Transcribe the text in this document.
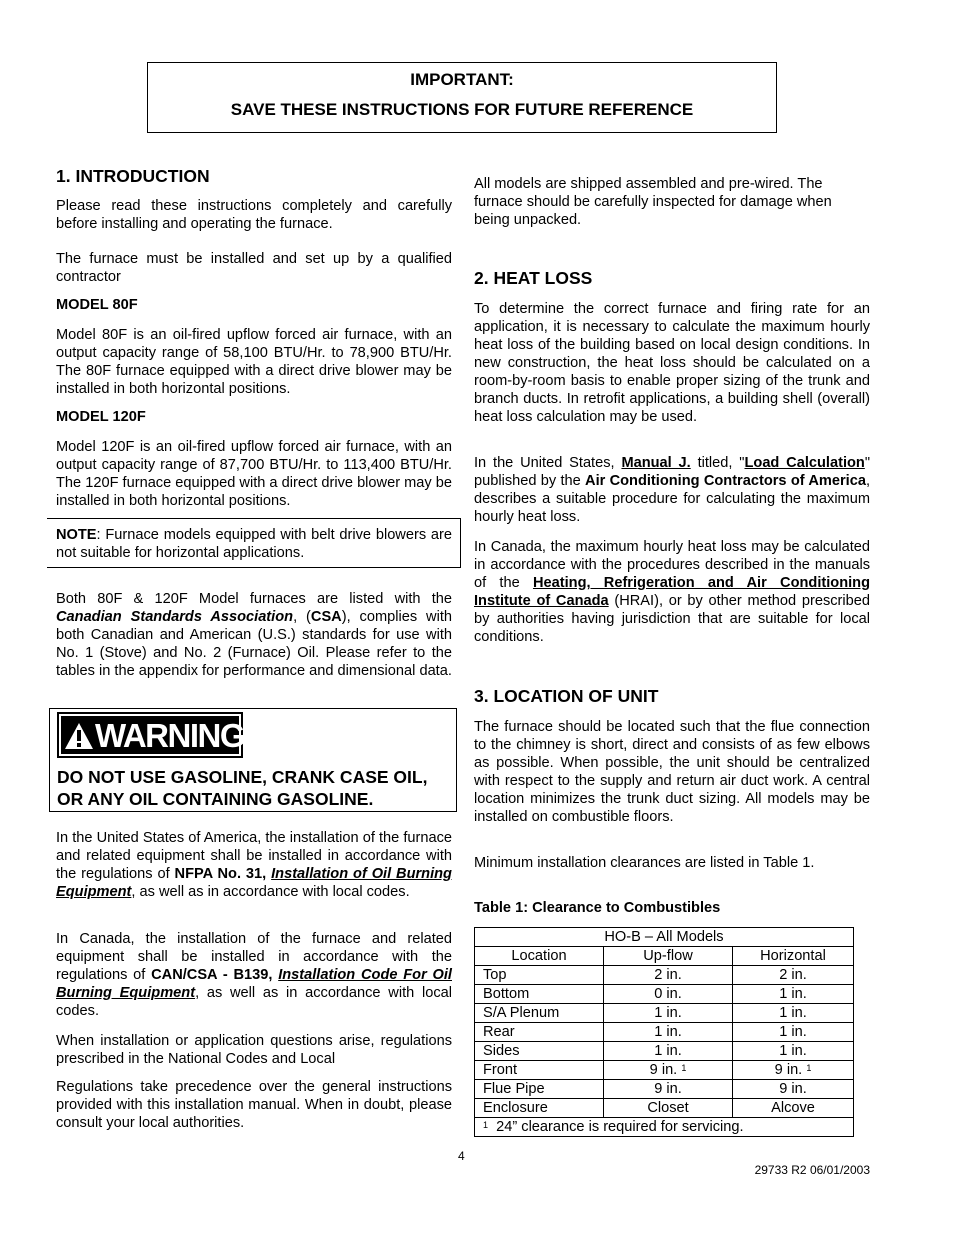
IMPORTANT:
SAVE THESE INSTRUCTIONS FOR FUTURE REFERENCE
1. INTRODUCTION

Please read these instructions completely and carefully before installing and operating the furnace.

The furnace must be installed and set up by a qualified contractor

MODEL 80F

Model 80F is an oil-fired upflow forced air furnace, with an output capacity range of 58,100 BTU/Hr. to 78,900 BTU/Hr. The 80F furnace equipped with a direct drive blower may be installed in both horizontal positions.

MODEL 120F

Model 120F is an oil-fired upflow forced air furnace, with an output capacity range of 87,700 BTU/Hr. to 113,400 BTU/Hr. The 120F furnace equipped with a direct drive blower may be installed in both horizontal positions.

NOTE: Furnace models equipped with belt drive blowers are not suitable for horizontal applications.

Both 80F & 120F Model furnaces are listed with the Canadian Standards Association, (CSA), complies with both Canadian and American (U.S.) standards for use with No. 1 (Stove) and No. 2 (Furnace) Oil. Please refer to the tables in the appendix for performance and dimensional data.

WARNING
DO NOT USE GASOLINE, CRANK CASE OIL, OR ANY OIL CONTAINING GASOLINE.

In the United States of America, the installation of the furnace and related equipment shall be installed in accordance with the regulations of NFPA No. 31, Installation of Oil Burning Equipment, as well as in accordance with local codes.

In Canada, the installation of the furnace and related equipment shall be installed in accordance with the regulations of CAN/CSA - B139, Installation Code For Oil Burning Equipment, as well as in accordance with local codes.

When installation or application questions arise, regulations prescribed in the National Codes and Local

Regulations take precedence over the general instructions provided with this installation manual. When in doubt, please consult your local authorities.

All models are shipped assembled and pre-wired. The furnace should be carefully inspected for damage when being unpacked.

2. HEAT LOSS

To determine the correct furnace and firing rate for an application, it is necessary to calculate the maximum hourly heat loss of the building based on local design conditions. In new construction, the heat loss should be calculated on a room-by-room basis to enable proper sizing of the trunk and branch ducts. In retrofit applications, a building shell (overall) heat loss calculation may be used.

In the United States, Manual J. titled, "Load Calculation" published by the Air Conditioning Contractors of America, describes a suitable procedure for calculating the maximum hourly heat loss.

In Canada, the maximum hourly heat loss may be calculated in accordance with the procedures described in the manuals of the Heating, Refrigeration and Air Conditioning Institute of Canada (HRAI), or by other method prescribed by authorities having jurisdiction that are suitable for local conditions.

3. LOCATION OF UNIT

The furnace should be located such that the flue connection to the chimney is short, direct and consists of as few elbows as possible. When possible, the unit should be centralized with respect to the supply and return air duct work. A central location minimizes the trunk duct sizing. All models may be installed on combustible floors.

Minimum installation clearances are listed in Table 1.

Table 1: Clearance to Combustibles
HO-B – All Models		
Location	Up-flow	Horizontal
Top	2 in.	2 in.
Bottom	0 in.	1 in.
S/A Plenum	1 in.	1 in.
Rear	1 in.	1 in.
Sides	1 in.	1 in.
Front	9 in. $^1$	9 in. $^1$
Flue Pipe	9 in.	9 in.
Enclosure	Closet	Alcove
$^1$ 24” clearance is required for servicing.		
4
29733 R2 06/01/2003
